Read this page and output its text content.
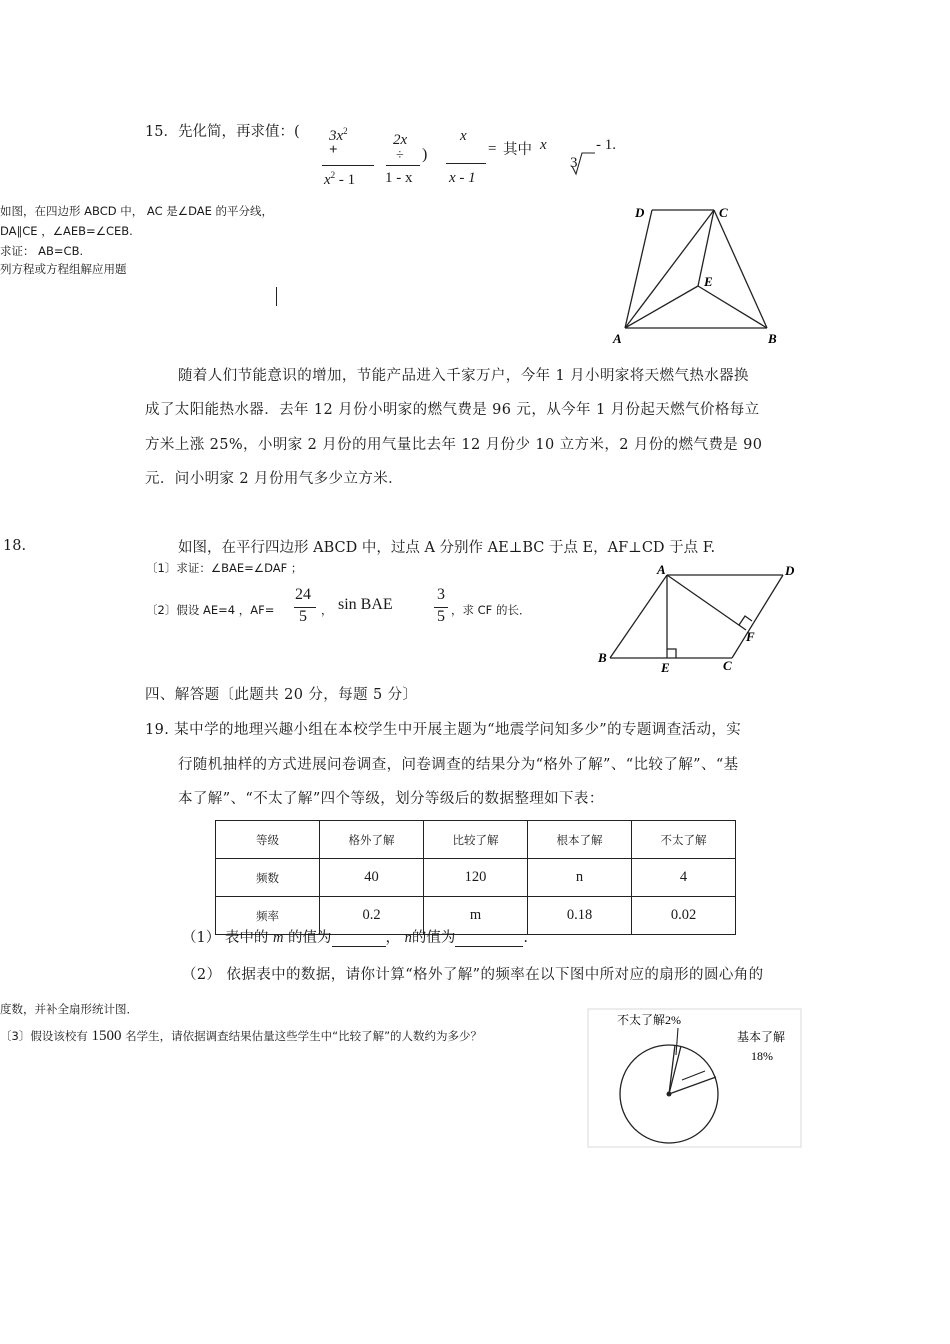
15．先化简，再求值：( $3x^2$
+
$x^2 - 1$
2x
÷ )
1 - x
x
x - 1
= 其中 x
3
- 1.
如图，在四边形 ABCD 中， AC 是∠DAE 的平分线，
DA∥CE ，∠AEB=∠CEB.
求证： AB=CB.
列方程或方程组解应用题
D	C
E
A	B
随着人们节能意识的增加，节能产品进入千家万户，今年 1 月小明家将天燃气热水器换
成了太阳能热水器．去年 12 月份小明家的燃气费是 96 元，从今年 1 月份起天燃气价格每立
方米上涨 25%，小明家 2 月份的用气量比去年 12 月份少 10 立方米，2 月份的燃气费是 90
元．问小明家 2 月份用气多少立方米．
18.	如图，在平行四边形 ABCD 中，过点 A 分别作 AE⊥BC 于点 E，AF⊥CD 于点 F.
〔1〕求证：∠BAE=∠DAF ；
〔2〕假设 AE=4 ，AF=
24
5 ， sin BAE
3
5 ，求 CF 的长．
A	D
F
B
E	C
四、解答题〔此题共 20 分，每题 5 分〕
19. 某中学的地理兴趣小组在本校学生中开展主题为“地震学问知多少”的专题调查活动，实
行随机抽样的方式进展问卷调查，问卷调查的结果分为“格外了解”、“比较了解”、“基
本了解”、“不太了解”四个等级，划分等级后的数据整理如下表：
等级	格外了解	比较了解	根本了解	不太了解
频数	40	120	n	4
频率	0.2	m	0.18	0.02
（1） 表中的 m 的值为	， n的值为	.
（2） 依据表中的数据，请你计算“格外了解”的频率在以下图中所对应的扇形的圆心角的
度数，并补全扇形统计图．
〔3〕假设该校有 1500 名学生，请依据调查结果估量这些学生中“比较了解”的人数约为多少？
不太了解2%
基本了解
18%
